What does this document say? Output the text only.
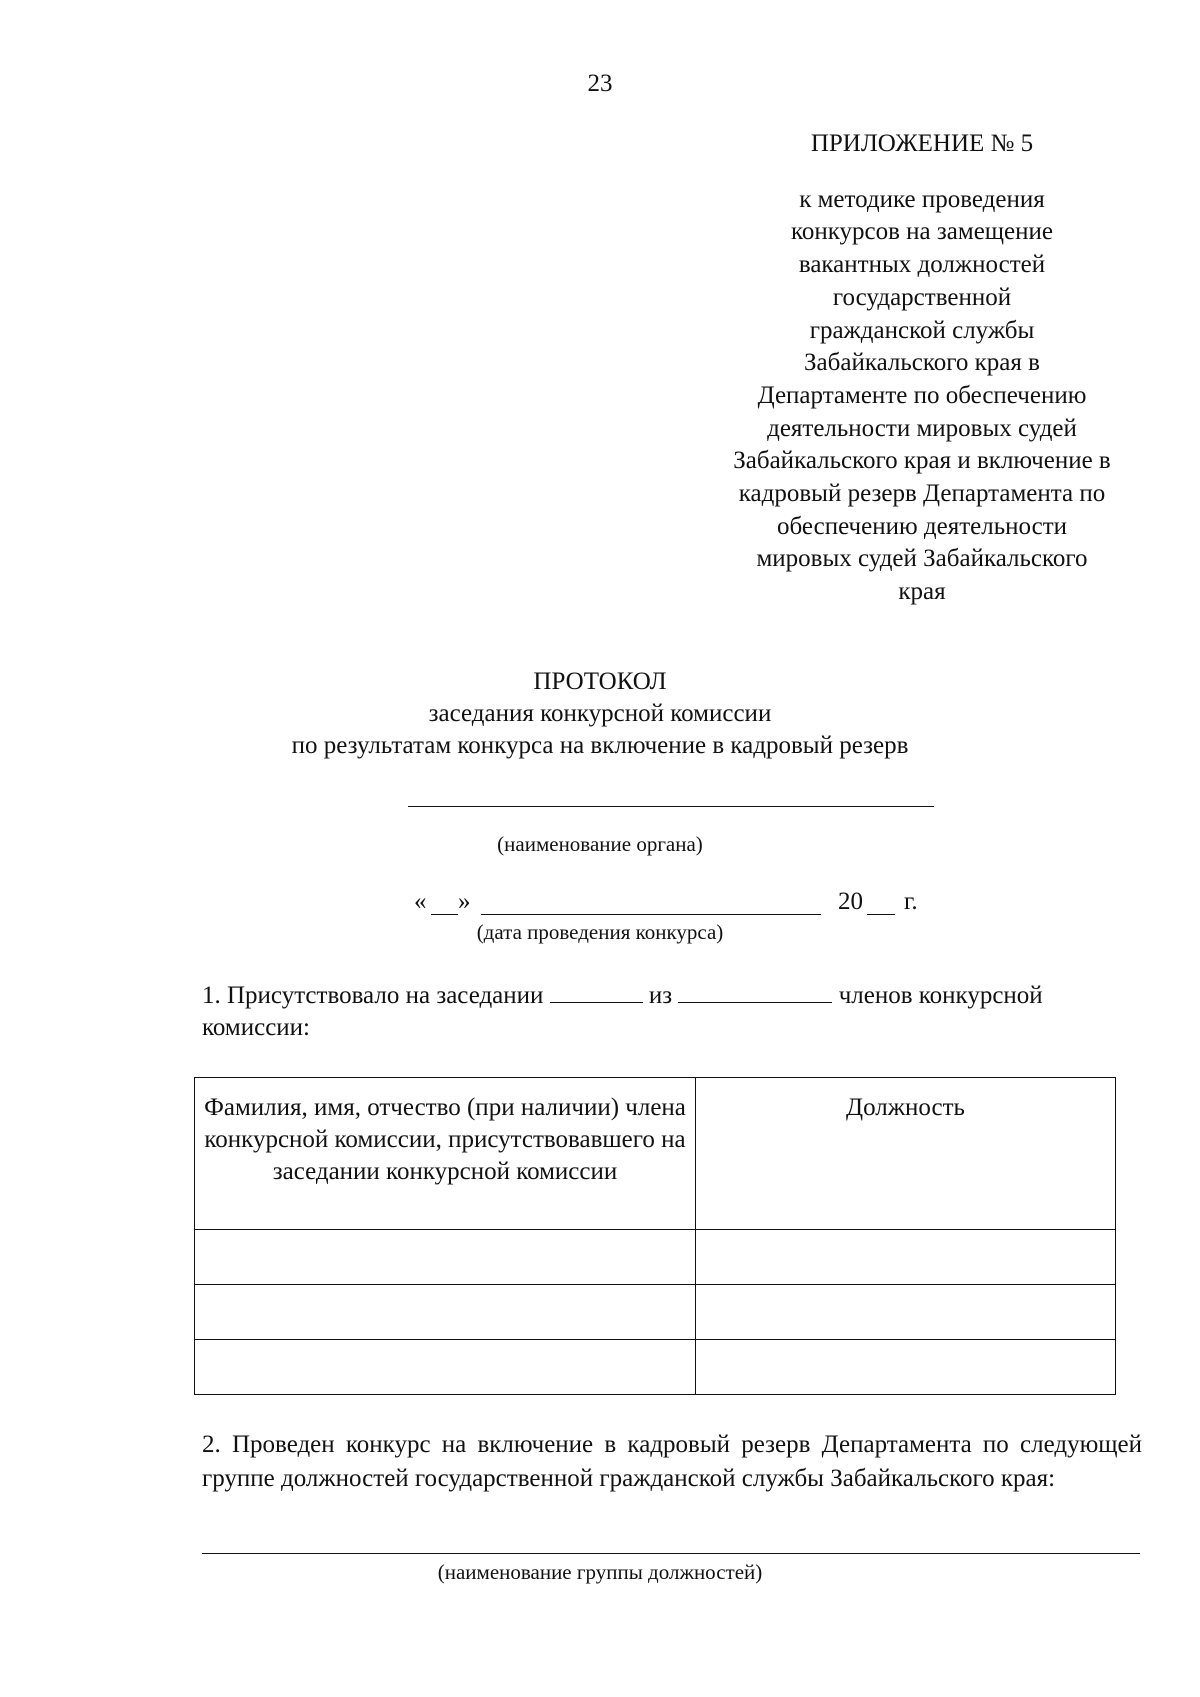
23
ПРИЛОЖЕНИЕ № 5
к методике проведения
конкурсов на замещение
вакантных должностей
государственной
гражданской службы
Забайкальского края в
Департаменте по обеспечению
деятельности мировых судей
Забайкальского края и включение в
кадровый резерв Департамента по
обеспечению деятельности
мировых судей Забайкальского
края
ПРОТОКОЛ
заседания конкурсной комиссии
по результатам конкурса на включение в кадровый резерв
(наименование органа)
« »	20 г.
(дата проведения конкурса)
1. Присутствовало на заседании	из	членов конкурсной комиссии:
Фамилия, имя, отчество (при наличии) члена конкурсной комиссии, присутствовавшего на заседании конкурсной комиссии	Должность

2. Проведен конкурс на включение в кадровый резерв Департамента по следующей группе должностей государственной гражданской службы Забайкальского края:
(наименование группы должностей)
